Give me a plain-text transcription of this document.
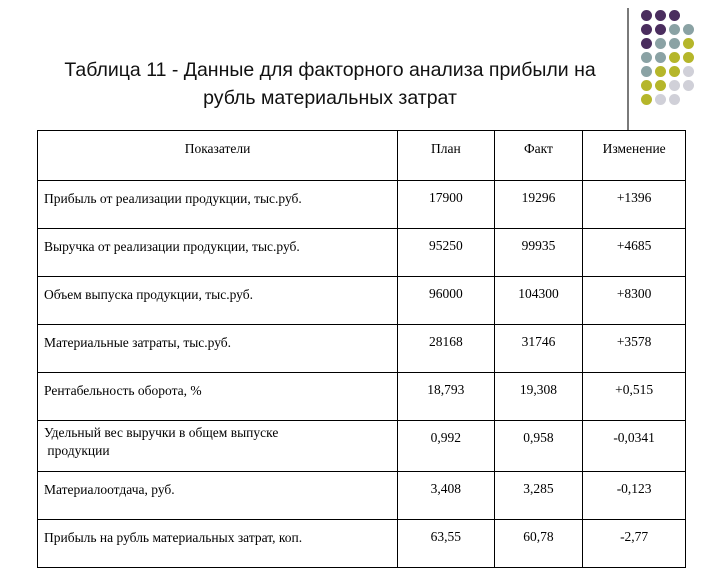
Таблица 11 - Данные для факторного анализа прибыли на
рубль материальных затрат
Показатели	План	Факт	Изменение
Прибыль от реализации продукции, тыс.руб.	17900	19296	+1396
Выручка от реализации продукции, тыс.руб.	95250	99935	+4685
Объем выпуска продукции, тыс.руб.	96000	104300	+8300
Материальные затраты, тыс.руб.	28168	31746	+3578
Рентабельность оборота, %	18,793	19,308	+0,515

Удельный вес выручки в общем выпуске
продукции	0,992	0,958	-0,0341
Материалоотдача, руб.	3,408	3,285	-0,123
Прибыль на рубль материальных затрат, коп.	63,55	60,78	-2,77
